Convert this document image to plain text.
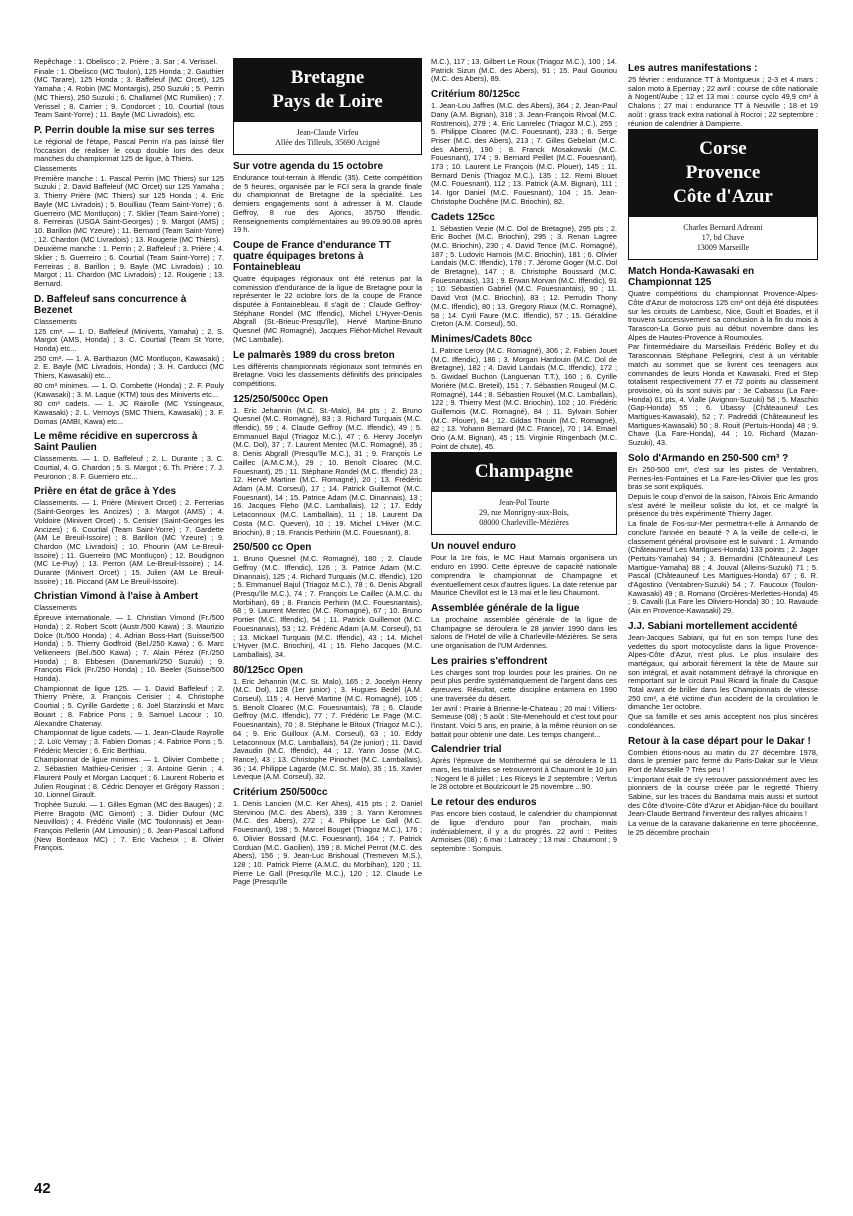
Repêchage : 1. Obelisco ; 2. Prière ; 3. Sar ; 4. Verissel.

Finale : 1. Obelisco (MC Toulon), 125 Honda ; 2. Gauthier (MC Tarare), 125 Honda ; 3. Baffeleuf (MC Orcet), 125 Yamaha ; 4. Robin (MC Montargis), 250 Suzuki ; 5. Perrin (MC Thiers), 250 Suzuki ; 6. Challamel (MC Rumilien) ; 7. Verissel ; 8. Carrier ; 9. Condorcet ; 10. Courtial (tous Team Saint-Yorre) ; 11. Bayle (MC Livradois), etc.

P. Perrin double la mise sur ses terres

Le régional de l'étape, Pascal Perrin n'a pas laissé filer l'occasion de réaliser le coup double lors des deux manches du championnat 125 de ligue, à Thiers.

Classements

Première manche : 1. Pascal Perrin (MC Thiers) sur 125 Suzuki ; 2. David Baffeleuf (MC Orcet) sur 125 Yamaha ; 3. Thierry Prière (MC Thiers) sur 125 Honda ; 4. Eric Bayle (MC Livradois) ; 5. Bouilliau (Team Saint-Yorre) ; 6. Guerreiro (MC Montluçon) ; 7. Sklier (Team Saint-Yorre) ; 8. Ferreiras (USGA Saint-Georges) ; 9. Margot (AMS) ; 10. Barillon (MC Yzeure) ; 11. Bernard (Team Saint-Yorre) ; 12. Chardon (MC Livradois) ; 13. Rougerie (MC Thiers).

Deuxième manche : 1. Perrin ; 2. Baffeleuf ; 3. Prière ; 4. Sklier ; 5. Guerreiro ; 6. Courtial (Team Saint-Yorre) ; 7. Ferreiras ; 8. Barillon ; 9. Bayle (MC Livradois) ; 10. Margot ; 11. Chardon (MC Livradois) ; 12. Rougerie ; 13. Bernard.

D. Baffeleuf sans concurrence à Bezenet

Classements

125 cm³. — 1. D. Baffeleuf (Miniverts, Yamaha) ; 2. S. Margot (AMS, Honda) ; 3. C. Courtial (Team St Yorre, Honda) etc...

250 cm³. — 1. A. Barthazon (MC Montluçon, Kawasaki) ; 2. E. Bayle (MC Livradois, Honda) ; 3. H. Carducci (MC Thiers, Kawasaki) etc...

80 cm³ minimes. — 1. O. Combette (Honda) ; 2. F. Pouly (Kawasaki) ; 3. M. Laque (KTM) tous des Miniverts etc...

80 cm³ cadets. — 1. JC Rairolle (MC Yssingeaux, Kawasaki) ; 2. L. Vernoys (SMC Thiers, Kawasaki) ; 3. F. Domas (AMBI, Kawa) etc...

Le même récidive en supercross à Saint Paulien

Classements. — 1. D. Baffeleuf ; 2. L. Durante ; 3. C. Courtial, 4. G. Chardon ; 5. S. Margot ; 6. Th. Prière ; 7. J. Peuronon ; 8. F. Guerriero etc...

Prière en état de grâce à Ydes

Classements. — 1. Prière (Minivert Orcet) ; 2. Ferrerias (Saint-Georges les Ancizes) ; 3. Margot (AMS) ; 4. Voldoire (Minivert Orcet) ; 5. Cerisier (Saint-Georges les Ancizes) ; 6. Courtial (Team Saint-Yorre) ; 7. Gardette (AM Le Breuil-Issoire) ; 8. Barillon (MC Yzeure) ; 9. Chardon (MC Livradois) ; 10. Phourin (AM Le-Breuil-Issoire) ; 11. Guerreiro (MC Montluçon) ; 12. Boudignon (MC Le-Puy) ; 13. Perron (AM Le-Breuil-Issoire) ; 14. Durante (Minivert Orcet) ; 15. Julien (AM Le Breuil-Issoire) ; 16. Piccand (AM Le Breuil-Issoire).

Christian Vimond à l'aise à Ambert

Classements

Épreuve internationale. — 1. Christian Vimond (Fr./500 Honda) ; 2. Robert Scott (Austr./500 Kawa) ; 3. Maurizio Dolce (It./500 Honda) ; 4. Adrian Boss-Hart (Suisse/500 Honda) ; 5. Thierry Godfroid (Bel./250 Kawa) ; 6. Marc Velkeneers (Bel./500 Kawa) ; 7. Alain Pérez (Fr./250 Honda) ; 8. Ebbesen (Danemark/250 Suzuki) ; 9. François Flick (Fr./250 Honda) ; 10. Beeler (Suisse/500 Honda).

Championnat de ligue 125. — 1. David Baffeleuf ; 2. Thierry Prière, 3. François Cerisier ; 4. Christophe Courtial ; 5. Cyrille Gardette ; 6. Joël Starzinski et Marc Bouart ; 8. Fabrice Pons ; 9. Samuel Lacour ; 10. Alexandre Chatenay.

Championnat de ligue cadets. — 1. Jean-Claude Rayrolle ; 2. Loïc Vernay ; 3. Fabien Domas ; 4. Fabrice Pons ; 5. Frédéric Mercier ; 6. Eric Berthiau.

Championnat de ligue minimes. — 1. Olivier Combette ; 2. Sébastien Mathieu-Cerisier ; 3. Antoine Genin ; 4. Flaurent Pouly et Morgan Lacquet ; 6. Laurent Roberto et Julien Rouginat ; 8. Cédric Denoyer et Grégory Rasson ; 10. Lionnel Girault.

Trophée Suzuki. — 1. Gilles Egman (MC des Bauges) ; 2. Pierre Bragoto (MC Gimont) ; 3. Didier Dufour (MC Neuvillois) ; 4. Frédéric Vialle (MC Toulonnais) et Jean-François Pellerin (AM Limousin) ; 6. Jean-Pascal Laffond (New Bordeaux MC) ; 7. Eric Vacheux ; 8. Olivier François.

Bretagne
Pays de Loire
Jean-Claude Virfeu
Allée des Tilleuls, 35690 Acigné
Sur votre agenda du 15 octobre

Endurance tout-terrain à Iffendic (35). Cette compétition de 5 heures, organisée par le FCI sera la grande finale du championnat de Bretagne de la spécialité. Les derniers engagements sont à adresser à M. Claude Geffroy, 8 rue des Ajoncs, 35750 Iffendic. Renseignements complémentaires au 99.09.90.08 après 19 h.

Coupe de France d'endurance TT quatre équipages bretons à Fontainebleau

Quatre équipages régionaux ont été retenus par la commission d'endurance de la ligue de Bretagne pour la représenter le 22 octobre lors de la coupe de France disputée à Fontainebleau. Il s'agit de : Claude Geffroy-Stéphane Rondel (MC Iffendic), Michel L'Hyver-Denis Abgrall (St.-Brieuc-Presqu'île), Hervé Martine-Bruno Quesnel (MC Romagné), Jacques Fléhot-Michel Revault (MC Lamballe).

Le palmarès 1989 du cross breton

Les différents championnats régionaux sont terminés en Bretagne. Voici les classements définitifs des principales compétitions.

125/250/500cc Open

1. Eric Jehannin (M.C. St.-Malo), 84 pts ; 2. Bruno Quesnel (M.C. Romagné), 83 ; 3. Richard Turquais (M.C. Iffendic), 59 ; 4. Claude Geffroy (M.C. Iffendic), 49 ; 5. Emmanuel Bajul (Triagoz M.C.), 47 ; 6. Henry Jocelyn (M.C. Dol), 37 ; 7. Laurent Mentec (M.C. Romagné), 35 ; 8. Denis Abgrall (Presqu'île M.C.), 31 ; 9. François Le Caillec (A.M.C.M.), 29 ; 10. Benoît Cloarec (M.C. Fouesnant), 25 ; 11. Stéphane Rondel (M.C. Iffendic) 23 ; 12. Hervé Martine (M.C. Romagné), 20 ; 13. Frédéric Adam (A.M. Corseul), 17 ; 14. Patrick Guillemot (M.C. Fouesnant), 14 ; 15. Patrice Adam (M.C. Dinannais), 13 ; 16. Jacques Fleho (M.C. Lamballais), 12 ; 17. Eddy Letaconnoux (M.C. Lamballais), 11 ; 18. Laurent Da Costa (M.C. Queven), 10 ; 19. Michel L'Hiver (M.C. Briochin), 8 ; 19. Francis Perhirin (M.C. Fouesnant), 8.

250/500 cc Open

1. Bruno Quesnel (M.C. Romagné), 180 ; 2. Claude Geffroy (M.C. Iffendic), 126 ; 3. Patrice Adam (M.C. Dinannais), 125 ; 4. Richard Turquais (M.C. Iffendic), 120 ; 5. Emmanuel Bajul (Triagoz M.C.), 78 ; 6. Denis Abgrall (Presqu'île M.C.), 74 ; 7. François Le Caillec (A.M.C. du Morbihan), 69 ; 8. Francis Perhirin (M.C. Fouesnantais), 68 ; 9. Laurent Mentec (M.C. Romagné), 67 ; 10. Bruno Portier (M.C. Iffendic), 54 ; 11. Patrick Guillemot (M.C. Fouesnanais), 53 ; 12. Frédéric Adam (A.M. Corseul), 51 ; 13. Mickael Turquais (M.C. Iffendic), 43 ; 14. Michel L'Hyver (M.C. Briochin), 41 ; 15. Fleho Jacques (M.C. Lamballais), 34.

80/125cc Open

1. Eric Jehannin (M.C. St. Malo), 165 ; 2. Jocelyn Henry (M.C. Dol), 128 (1er junior) ; 3. Hugues Bedel (A.M. Corseul), 115 ; 4. Hervé Martine (M.C. Romagné), 105 ; 5. Benoît Cloarec (M.C. Fouesnantais), 78 ; 6. Claude Geffroy (M.C. Iffendic), 77 ; 7. Frédéric Le Page (M.C. Fouesnantais), 70 ; 8. Stéphane le Bitoux (Triagoz M.C.), 64 ; 9. Eric Guilloux (A.M. Corseul), 63 ; 10. Eddy Letaconnoux (M.C. Lamballais), 54 (2e junior) ; 11. David Javaudin (M.C. Iffendic), 44 ; 12. Yann Josse (M.C. Rance), 43 ; 13. Christophe Pinochet (M.C. Lamballais), 36 ; 14. Philippe Lagarde (M.C. St. Malo), 35 ; 15. Xavier Leveque (A.M. Corseul), 32.

Critérium 250/500cc

1. Denis Lancien (M.C. Ker Ahes), 415 pts ; 2. Daniel Stervinou (M.C. des Abers), 339 ; 3. Yann Keromnes (M.C. des Abers), 272 ; 4. Philippe Le Gall (M.C. Fouesnant), 198 ; 5. Marcel Bouget (Triagoz M.C.), 176 ; 6. Olivier Bossard (M.C. Fouesnant), 164 ; 7. Patrick Corduan (M.C. Gacilien), 159 ; 8. Michel Perrot (M.C. des Abers), 156 ; 9. Jean-Luc Brishoual (Tremeven M.S.), 128 ; 10. Patrick Pierre (A.M.C. du Morbihan), 120 ; 11. Pierre Le Gall (Presqu'île M.C.), 120 ; 12. Claude Le Page (Presqu'île

M.C.), 117 ; 13. Gilbert Le Roux (Triagoz M.C.), 100 ; 14. Patrick Sizun (M.C. des Abers), 91 ; 15. Paul Gouriou (M.C. des Abers), 89.

Critérium 80/125cc

1. Jean-Lou Jaffres (M.C. des Abers), 364 ; 2. Jean-Paul Dany (A.M. Bignan), 318 ; 3. Jean-François Rivoal (M.C. Rostrenois), 279 ; 4. Eric Lanrelec (Triagoz M.C.), 255 ; 5. Philippe Cloarec (M.C. Fouesnant), 233 ; 6. Serge Priser (M.C. des Abers), 213 ; 7. Gilles Gebelart (M.C. des Abers), 190 ; 8. Franck Mosakowski (M.C. Fouesnant), 174 ; 9. Bernard Peillet (M.C. Fouesnant), 173 ; 10. Laurent Le François (M.C. Plouer), 145 ; 11. Bernard Denis (Triagoz M.C.), 135 ; 12. Remi Blouet (M.C. Fouesnant), 112 ; 13. Patrick (A.M. Bignan), 111 ; 14. Igor Daniel (M.C. Fouesnant), 104 ; 15. Jean-Christophe Duchêne (M.C. Briochin), 82.

Cadets 125cc

1. Sébastien Vezie (M.C. Dol de Bretagne), 295 pts ; 2. Eric Bochet (M.C. Briochin), 295 ; 3. Renan Lagree (M.C. Briochin), 230 ; 4. David Tence (M.C. Romagné), 187 ; 5. Ludovic Harnois (M.C. Briochin), 181 ; 6. Olivier Landais (M.C. Iffendic), 178 ; 7. Jérome Goger (M.C. Dol de Bretagne), 147 ; 8. Christophe Boussard (M.C. Fouesnantais), 131 ; 9. Erwan Morvan (M.C. Iffendic), 91 ; 10. Sébastien Gabriel (M.C. Fouesnantais), 90 ; 11. David Vrot (M.C. Briochin), 83 ; 12. Perrudin Thony (M.C. Iffendic), 80 ; 13. Gregory Riaux (M.C. Romagné), 58 ; 14. Cyril Faure (M.C. Iffendic), 57 ; 15. Géraldine Creton (A.M. Corseul), 50.

Minimes/Cadets 80cc

1. Patrice Leroy (M.C. Romagné), 306 ; 2. Fabien Jouet (M.C. Iffendic), 186 ; 3. Morgan Hardouin (M.C. Dol de Bretagne), 182 ; 4. David Landais (M.C. Iffendic), 172 ; 5. Gwidael Buchon (Languenan T.T.), 160 ; 6. Cyrille Morière (M.C. Breteil), 151 ; 7. Sébastien Rougeul (M.C. Romagné), 144 ; 8. Sébastien Rouxel (M.C. Lamballais), 122 ; 9. Thierry Mest (M.C. Briochin), 102 ; 10. Frédéric Guillemois (M.C. Romagné), 84 ; 11. Sylvain Sohier (M.C. Plouer), 84 ; 12. Gildas Thouin (M.C. Romagné), 82 ; 13. Yohann Bernard (M.C. France), 70 ; 14. Emael Orio (A.M. Bignan), 45 ; 15. Virginie Ringenbach (M.C. Point de chute), 45.

Champagne
Jean-Pol Tourte
29, rue Monrigny-aux-Bois,
08000 Charleville-Mézières
Un nouvel enduro

Pour la 1re fois, le MC Haut Marnais organisera un enduro en 1990. Cette épreuve de capacité nationale comprendra le championnat de Champagne et éventuellement ceux d'autres ligues. La date retenue par Maurice Chevillot est le 13 mai et le lieu Chaumont.

Assemblée générale de la ligue

La prochaine assemblée générale de la ligue de Champagne se déroulera le 28 janvier 1990 dans les salons de l'Hotel de ville à Charleville-Mézières. Se sera une organisation de l'UM Ardennes.

Les prairies s'effondrent

Les charges sont trop lourdes pour les prairies. On ne peut plus perdre systématiquement de l'argent dans ces épreuves. Résultat, cette discipline entamera en 1990 une traversée du désert.

1er avril : Prairie à Brienne-le-Chateau ; 20 mai : Villiers-Semeuse (08) ; 5 août : Ste-Menehould et c'est tout pour l'instant. Voici 5 ans, en prairie, à la même réunion on se battait pour obtenir une date. Les temps changent...

Calendrier trial

Après l'épreuve de Monthermé qui se déroulera le 11 mars, les trialistes se retrouveront à Chaumont le 10 juin ; Nogent le 8 juillet ; Les Riceys le 2 septembre ; Vertus le 28 octobre et Boulzicourt le 25 novembre ...90.

Le retour des enduros

Pas encore bien costaud, le calendrier du championnat de ligue d'enduro pour l'an prochain, mais indéniablement, il y a du progrès. 22 avril : Petites Armoises (08) ; 6 mai : Latracey ; 13 mai : Chaumont ; 9 septembre : Sompuis.

Les autres manifestations :

25 février : endurance TT à Montgueux ; 2-3 et 4 mars : salon moto à Epernay ; 22 avril : course de côte nationale à Nogent/Aube ; 12 et 13 mai : course cyclo 49,9 cm³ à Chalons ; 27 mai : endurance TT à Neuville ; 18 et 19 août : grass track extra national à Rocroi ; 22 septembre : réunion de calendrier à Dampierre.

Corse
Provence
Côte d'Azur
Charles Bernard Adreani
17, bd Chave
13009 Marseille
Match Honda-Kawasaki en Championnat 125

Quatre compétitions du championnat Provence-Alpes-Côte d'Azur de motocross 125 cm³ ont déjà été disputées sur les circuits de Lambesc, Nice, Goult et Boades, et il trouvera successivement sa conclusion à la fin du mois à Tarascon-La Gonio puis au début novembre dans les Alpes de Hautes-Provence à Roumoules.

Par l'intermédiaire du Marseillais Frédéric Bolley et du Tarasconnais Stéphane Pellegrini, c'est à un véritable match au sommet que se livrent ces teenagers aux commandes de leurs Honda et Kawasaki. Fred et Step totalisent respectivement 77 et 72 points au classement provisoire, où ils sont suivis par : 3e Cabassu (La Fare-Honda) 61 pts, 4. Vialle (Avignon-Suzuki) 58 ; 5. Maschio (Gap-Honda) 55 ; 6. Ubassy (Châteauneuf Les Martigues-Kawasaki), 52 ; 7. Padreddi (Châteauneuf les Martigues-Kawasaki) 50 ; 8. Rouit (Pertuis-Honda) 48 ; 9. Chave (La Fare-Honda), 44 ; 10. Richard (Mazan-Suzuki), 43.

Solo d'Armando en 250-500 cm³ ?

En 250-500 cm³, c'est sur les pistes de Ventabren, Pernes-les-Fontaines et La Fare-les-Olivier que les gros bras se sont expliqués.

Depuis le coup d'envoi de la saison, l'Aixois Eric Armando s'est avéré le meilleur soliste du lot, et ce malgré la présence du très expérimenté Thierry Jager.

La finale de Fos-sur-Mer permettra-t-elle à Armando de conclure l'année en beauté ? A la veille de celle-ci, le classement général provisoire est le suivant : 1. Armando (Châteauneuf Les Martigues-Honda) 133 points ; 2. Jager (Pertuits-Yamaha) 94 ; 3. Bernardini (Châteauneuf Les Martigue-Yamaha) 88 ; 4. Jouval (Alleins-Suzuki) 71 ; 5. Pascal (Châteauneuf Les Martigues-Honda) 67 ; 6. R. d'Agostino (Ventabren-Suzuki) 54 ; 7. Faucoux (Toulon-Kawasaki) 49 ; 8. Romano (Orcières-Merlettes-Honda) 45 ; 9. Cavalli (La Fare les Oliviers-Honda) 30 ; 10. Ravaude (Aix en Provence-Kawasaki) 29.

J.J. Sabiani mortellement accidenté

Jean-Jacques Sabiani, qui fut en son temps l'une des vedettes du sport motocycliste dans la ligue Provence-Alpes-Côte d'Azur, n'est plus. Le plus insulaire des martégaux, qui arborait fièrement la tête de Maure sur son intégral, et avait notamment défrayé la chronique en remportant sur le circuit Paul Ricard la finale du Casque Total avant de briller dans les Championnats de vitesse 250 cm³, a été victime d'un accident de la circulation le dimanche 1er octobre.

Que sa famille et ses amis acceptent nos plus sincères condoléances.

Retour à la case départ pour le Dakar !

Combien étions-nous au matin du 27 décembre 1978, dans le premier parc fermé du Paris-Dakar sur le Vieux Port de Marseille ? Très peu !

L'important était de s'y retrouver passionnément avec les pionniers de la course créée par le regretté Thierry Sabine, sur les traces du Bandama mais aussi et surtout des Côte d'Ivoire-Côte d'Azur et Abidjan-Nice du bouillant Jean-Claude Bertrand l'inventeur des rallyes africains !

La venue de la caravane dakarienne en terre phocéenne, le 25 décembre prochain

42
